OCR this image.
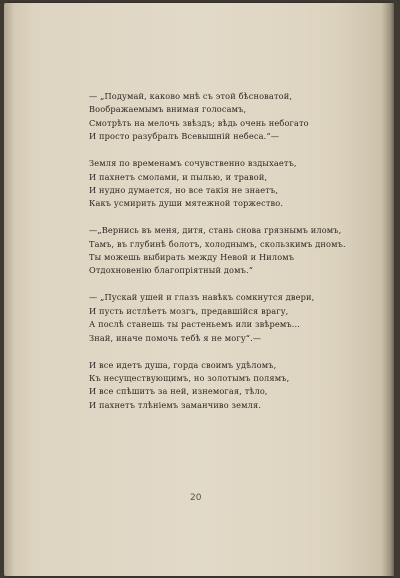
— „Подумай, каково мнѣ съ этой бѣсноватой,
Воображаемымъ внимая голосамъ,
Смотрѣть на мелочь звѣздъ; вѣдь очень небогато
И просто разубралъ Всевышній небеса.“—
Земля по временамъ сочувственно вздыхаетъ,
И пахнетъ смолами, и пылью, и травой,
И нудно думается, но все такія не знаетъ,
Какъ усмирить души мятежной торжество.
—„Вернись въ меня, дитя, стань снова грязнымъ иломъ,
Тамъ, въ глубинѣ болотъ, холоднымъ, скользкимъ дномъ.
Ты можешь выбирать между Невой и Ниломъ
Отдохновенію благопріятный домъ.“
— „Пускай ушей и глазъ навѣкъ сомкнутся двери,
И пусть истлѣетъ мозгъ, предавшійся врагу,
А послѣ станешь ты растеньемъ или звѣремъ...
Знай, иначе помочь тебѣ я не могу“.—
И все идетъ душа, горда своимъ удѣломъ,
Къ несуществующимъ, но золотымъ полямъ,
И все спѣшитъ за ней, изнемогая, тѣло,
И пахнетъ тлѣніемъ заманчиво земля.
20
